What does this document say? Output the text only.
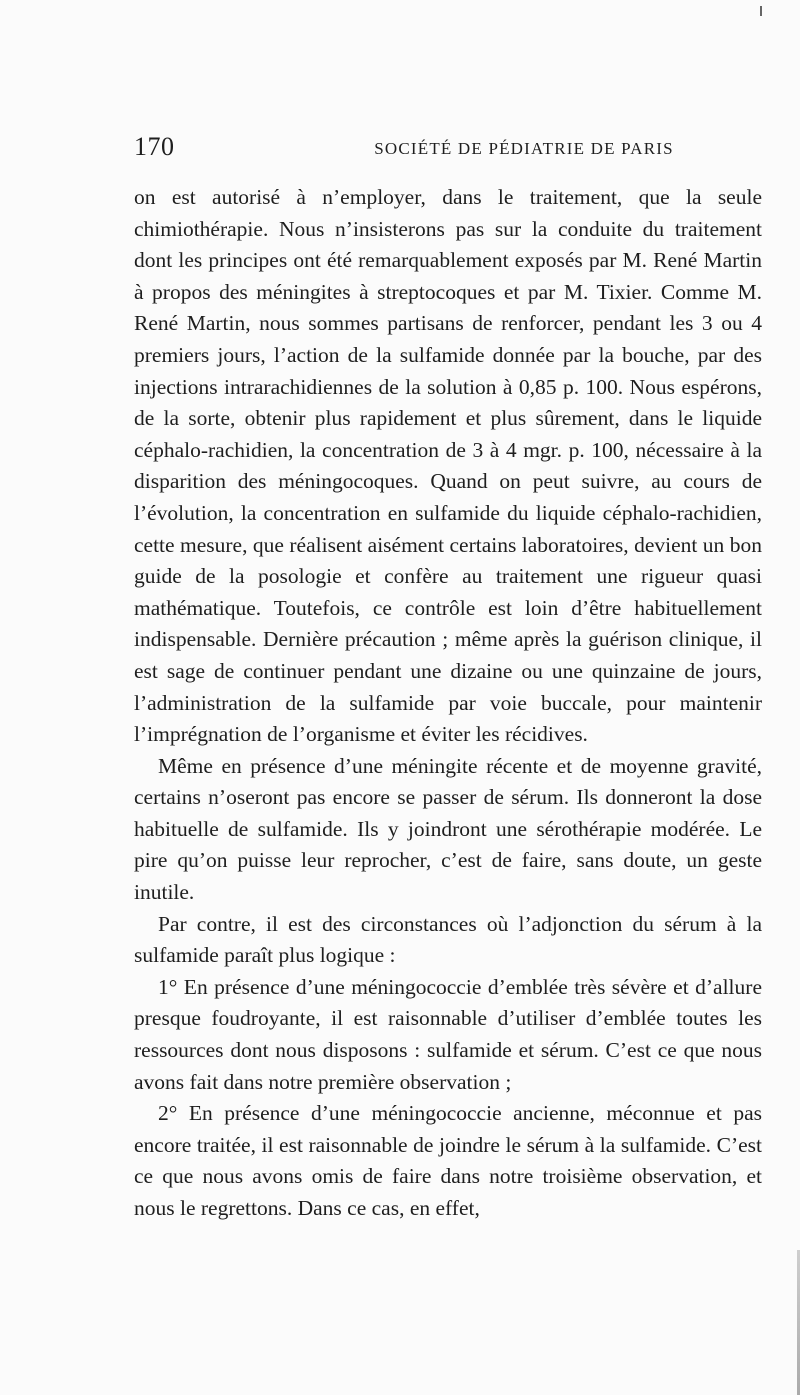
170	SOCIÉTÉ DE PÉDIATRIE DE PARIS

on est autorisé à n’employer, dans le traitement, que la seule chimiothérapie. Nous n’insisterons pas sur la conduite du traitement dont les principes ont été remarquablement exposés par M. René Martin à propos des méningites à streptocoques et par M. Tixier. Comme M. René Martin, nous sommes partisans de renforcer, pendant les 3 ou 4 premiers jours, l’action de la sulfamide donnée par la bouche, par des injections intrarachidiennes de la solution à 0,85 p. 100. Nous espérons, de la sorte, obtenir plus rapidement et plus sûrement, dans le liquide céphalo-rachidien, la concentration de 3 à 4 mgr. p. 100, nécessaire à la disparition des méningocoques. Quand on peut suivre, au cours de l’évolution, la concentration en sulfamide du liquide céphalo-rachidien, cette mesure, que réalisent aisément certains laboratoires, devient un bon guide de la posologie et confère au traitement une rigueur quasi mathématique. Toutefois, ce contrôle est loin d’être habituellement indispensable. Dernière précaution ; même après la guérison clinique, il est sage de continuer pendant une dizaine ou une quinzaine de jours, l’administration de la sulfamide par voie buccale, pour maintenir l’imprégnation de l’organisme et éviter les récidives.

Même en présence d’une méningite récente et de moyenne gravité, certains n’oseront pas encore se passer de sérum. Ils donneront la dose habituelle de sulfamide. Ils y joindront une sérothérapie modérée. Le pire qu’on puisse leur reprocher, c’est de faire, sans doute, un geste inutile.

Par contre, il est des circonstances où l’adjonction du sérum à la sulfamide paraît plus logique :

1° En présence d’une méningococcie d’emblée très sévère et d’allure presque foudroyante, il est raisonnable d’utiliser d’emblée toutes les ressources dont nous disposons : sulfamide et sérum. C’est ce que nous avons fait dans notre première observation ;

2° En présence d’une méningococcie ancienne, méconnue et pas encore traitée, il est raisonnable de joindre le sérum à la sulfamide. C’est ce que nous avons omis de faire dans notre troisième observation, et nous le regrettons. Dans ce cas, en effet,
